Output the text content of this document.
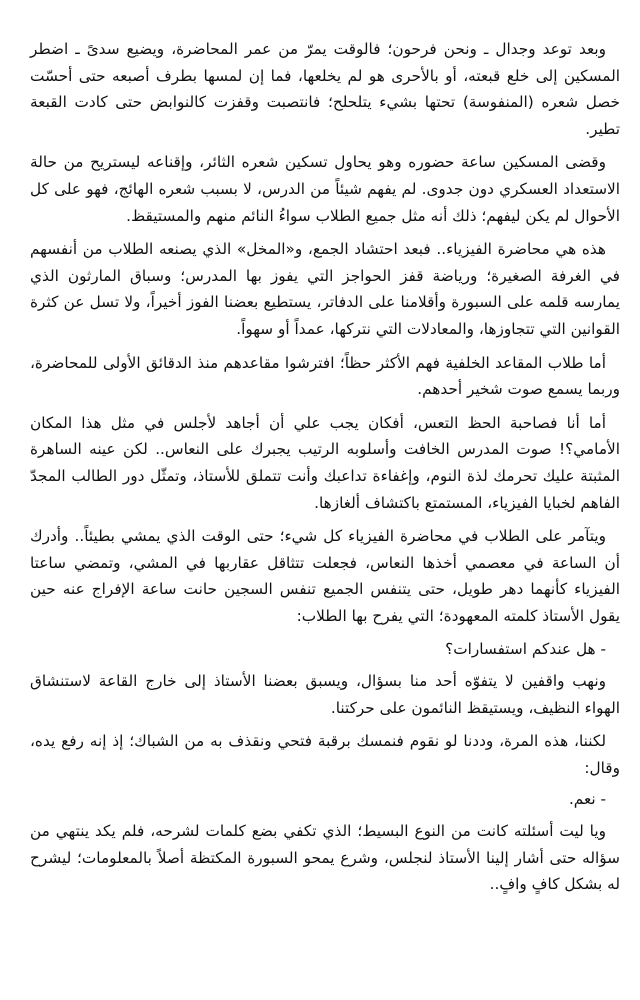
وبعد توعد وجدال ـ ونحن فرحون؛ فالوقت يمرّ من عمر المحاضرة، ويضيع سدىً ـ اضطر المسكين إلى خلع قبعته، أو بالأحرى هو لم يخلعها، فما إن لمسها بطرف أصبعه حتى أحسّت خصل شعره (المنفوسة) تحتها بشيء يتلحلح؛ فانتصبت وقفزت كالنوابض حتى كادت القبعة تطير.

وقضى المسكين ساعة حضوره وهو يحاول تسكين شعره الثائر، وإقناعه ليستريح من حالة الاستعداد العسكري دون جدوى. لم يفهم شيئاً من الدرس، لا بسبب شعره الهائج، فهو على كل الأحوال لم يكن ليفهم؛ ذلك أنه مثل جميع الطلاب سواءُ النائم منهم والمستيقظ.

هذه هي محاضرة الفيزياء.. فبعد احتشاد الجمع، و«المخل» الذي يصنعه الطلاب من أنفسهم في الغرفة الصغيرة؛ ورياضة قفز الحواجز التي يفوز بها المدرس؛ وسباق المارثون الذي يمارسه قلمه على السبورة وأقلامنا على الدفاتر، يستطيع بعضنا الفوز أخيراً، ولا تسل عن كثرة القوانين التي تتجاوزها، والمعادلات التي نتركها، عمداً أو سهواً.

أما طلاب المقاعد الخلفية فهم الأكثر حظاً؛ افترشوا مقاعدهم منذ الدقائق الأولى للمحاضرة، وربما يسمع صوت شخير أحدهم.

أما أنا فصاحبة الحظ التعس، أفكان يجب علي أن أجاهد لأجلس في مثل هذا المكان الأمامي؟! صوت المدرس الخافت وأسلوبه الرتيب يجبرك على النعاس.. لكن عينه الساهرة المثبتة عليك تحرمك لذة النوم، وإغفاءة تداعبك وأنت تتملق للأستاذ، وتمثّل دور الطالب المجدّ الفاهم لخبايا الفيزياء، المستمتع باكتشاف ألغازها.

ويتآمر على الطلاب في محاضرة الفيزياء كل شيء؛ حتى الوقت الذي يمشي بطيئاً.. وأدرك أن الساعة في معصمي أخذها النعاس، فجعلت تتثاقل عقاربها في المشي، وتمضي ساعتا الفيزياء كأنهما دهر طويل، حتى يتنفس الجميع تنفس السجين حانت ساعة الإفراج عنه حين يقول الأستاذ كلمته المعهودة؛ التي يفرح بها الطلاب:

- هل عندكم استفسارات؟

ونهب واقفين لا يتفوّه أحد منا بسؤال، ويسبق بعضنا الأستاذ إلى خارج القاعة لاستنشاق الهواء النظيف، ويستيقظ النائمون على حركتنا.

لكننا، هذه المرة، وددنا لو نقوم فنمسك برقبة فتحي ونقذف به من الشباك؛ إذ إنه رفع يده، وقال:

- نعم.

ويا ليت أسئلته كانت من النوع البسيط؛ الذي تكفي بضع كلمات لشرحه، فلم يكد ينتهي من سؤاله حتى أشار إلينا الأستاذ لنجلس، وشرع يمحو السبورة المكتظة أصلاً بالمعلومات؛ ليشرح له بشكل كافٍ وافٍ..
